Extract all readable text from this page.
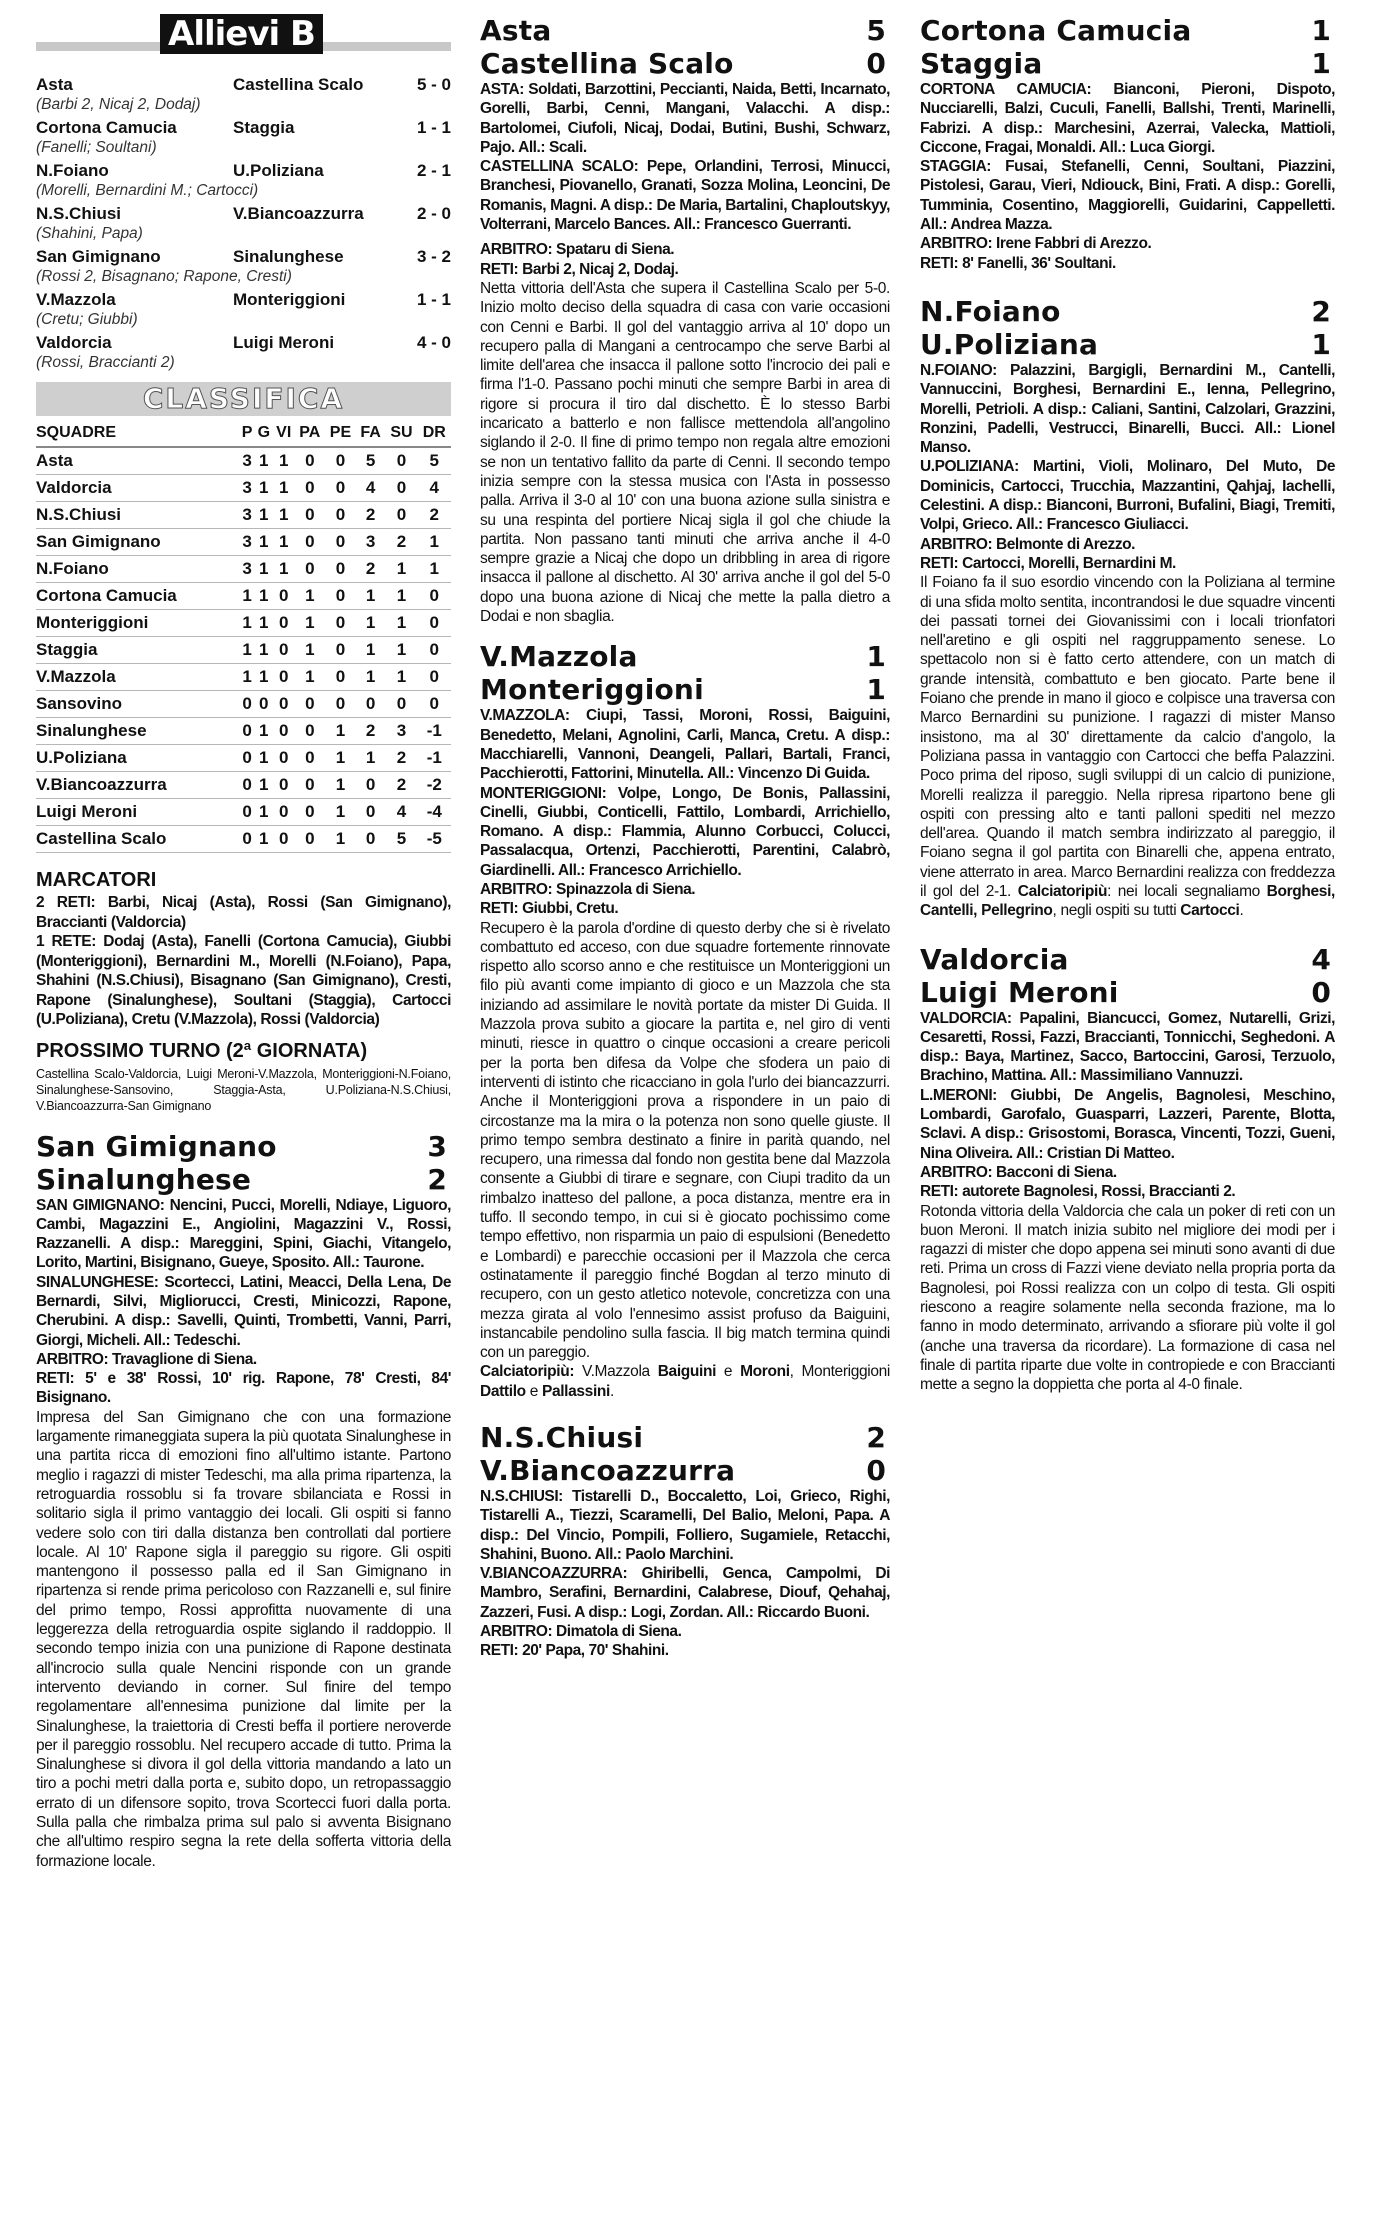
Allievi B
Asta	Castellina Scalo	5 - 0
(Barbi 2, Nicaj 2, Dodaj)
Cortona Camucia	Staggia	1 - 1
(Fanelli; Soultani)
N.Foiano	U.Poliziana	2 - 1
(Morelli, Bernardini M.; Cartocci)
N.S.Chiusi	V.Biancoazzurra	2 - 0
(Shahini, Papa)
San Gimignano	Sinalunghese	3 - 2
(Rossi 2, Bisagnano; Rapone, Cresti)
V.Mazzola	Monteriggioni	1 - 1
(Cretu; Giubbi)
Valdorcia	Luigi Meroni	4 - 0
(Rossi, Braccianti 2)
CLASSIFICA
SQUADRE	P	G	VI	PA	PE	FA	SU	DR
Asta	3	1	1	0	0	5	0	5
Valdorcia	3	1	1	0	0	4	0	4
N.S.Chiusi	3	1	1	0	0	2	0	2
San Gimignano	3	1	1	0	0	3	2	1
N.Foiano	3	1	1	0	0	2	1	1
Cortona Camucia	1	1	0	1	0	1	1	0
Monteriggioni	1	1	0	1	0	1	1	0
Staggia	1	1	0	1	0	1	1	0
V.Mazzola	1	1	0	1	0	1	1	0
Sansovino	0	0	0	0	0	0	0	0
Sinalunghese	0	1	0	0	1	2	3	-1
U.Poliziana	0	1	0	0	1	1	2	-1
V.Biancoazzurra	0	1	0	0	1	0	2	-2
Luigi Meroni	0	1	0	0	1	0	4	-4
Castellina Scalo	0	1	0	0	1	0	5	-5
MARCATORI

2 RETI: Barbi, Nicaj (Asta), Rossi (San Gimignano), Braccianti (Valdorcia)

1 RETE: Dodaj (Asta), Fanelli (Cortona Camucia), Giubbi (Monteriggioni), Bernardini M., Morelli (N.Foiano), Papa, Shahini (N.S.Chiusi), Bisagnano (San Gimignano), Cresti, Rapone (Sinalunghese), Soultani (Staggia), Cartocci (U.Poliziana), Cretu (V.Mazzola), Rossi (Valdorcia)

PROSSIMO TURNO (2ª GIORNATA)

Castellina Scalo-Valdorcia, Luigi Meroni-V.Mazzola, Monteriggioni-N.Foiano, Sinalunghese-Sansovino, Staggia-Asta, U.Poliziana-N.S.Chiusi, V.Biancoazzurra-San Gimignano

San Gimignano	3
Sinalunghese	2

SAN GIMIGNANO: Nencini, Pucci, Morelli, Ndiaye, Liguoro, Cambi, Magazzini E., Angiolini, Magazzini V., Rossi, Razzanelli. A disp.: Mareggini, Spini, Giachi, Vitangelo, Lorito, Martini, Bisignano, Gueye, Sposito. All.: Taurone.

SINALUNGHESE: Scortecci, Latini, Meacci, Della Lena, De Bernardi, Silvi, Migliorucci, Cresti, Minicozzi, Rapone, Cherubini. A disp.: Savelli, Quinti, Trombetti, Vanni, Parri, Giorgi, Micheli. All.: Tedeschi.

ARBITRO: Travaglione di Siena.

RETI: 5' e 38' Rossi, 10' rig. Rapone, 78' Cresti, 84' Bisignano.

Impresa del San Gimignano che con una formazione largamente rimaneggiata supera la più quotata Sinalunghese in una partita ricca di emozioni fino all'ultimo istante. Partono meglio i ragazzi di mister Tedeschi, ma alla prima ripartenza, la retroguardia rossoblu si fa trovare sbilanciata e Rossi in solitario sigla il primo vantaggio dei locali. Gli ospiti si fanno vedere solo con tiri dalla distanza ben controllati dal portiere locale. Al 10' Rapone sigla il pareggio su rigore. Gli ospiti mantengono il possesso palla ed il San Gimignano in ripartenza si rende prima pericoloso con Razzanelli e, sul finire del primo tempo, Rossi approfitta nuovamente di una leggerezza della retroguardia ospite siglando il raddoppio. Il secondo tempo inizia con una punizione di Rapone destinata all'incrocio sulla quale Nencini risponde con un grande intervento deviando in corner. Sul finire del tempo regolamentare all'ennesima punizione dal limite per la Sinalunghese, la traiettoria di Cresti beffa il portiere neroverde per il pareggio rossoblu. Nel recupero accade di tutto. Prima la Sinalunghese si divora il gol della vittoria mandando a lato un tiro a pochi metri dalla porta e, subito dopo, un retropassaggio errato di un difensore sopito, trova Scortecci fuori dalla porta. Sulla palla che rimbalza prima sul palo si avventa Bisignano che all'ultimo respiro segna la rete della sofferta vittoria della formazione locale.

Asta	5
Castellina Scalo	0

ASTA: Soldati, Barzottini, Peccianti, Naida, Betti, Incarnato, Gorelli, Barbi, Cenni, Mangani, Valacchi. A disp.: Bartolomei, Ciufoli, Nicaj, Dodai, Butini, Bushi, Schwarz, Pajo. All.: Scali.

CASTELLINA SCALO: Pepe, Orlandini, Terrosi, Minucci, Branchesi, Piovanello, Granati, Sozza Molina, Leoncini, De Romanis, Magni. A disp.: De Maria, Bartalini, Chaploutskyy, Volterrani, Marcelo Bances. All.: Francesco Guerranti.

ARBITRO: Spataru di Siena.

RETI: Barbi 2, Nicaj 2, Dodaj.

Netta vittoria dell'Asta che supera il Castellina Scalo per 5-0. Inizio molto deciso della squadra di casa con varie occasioni con Cenni e Barbi. Il gol del vantaggio arriva al 10' dopo un recupero palla di Mangani a centrocampo che serve Barbi al limite dell'area che insacca il pallone sotto l'incrocio dei pali e firma l'1-0. Passano pochi minuti che sempre Barbi in area di rigore si procura il tiro dal dischetto. È lo stesso Barbi incaricato a batterlo e non fallisce mettendola all'angolino siglando il 2-0. Il fine di primo tempo non regala altre emozioni se non un tentativo fallito da parte di Cenni. Il secondo tempo inizia sempre con la stessa musica con l'Asta in possesso palla. Arriva il 3-0 al 10' con una buona azione sulla sinistra e su una respinta del portiere Nicaj sigla il gol che chiude la partita. Non passano tanti minuti che arriva anche il 4-0 sempre grazie a Nicaj che dopo un dribbling in area di rigore insacca il pallone al dischetto. Al 30' arriva anche il gol del 5-0 dopo una buona azione di Nicaj che mette la palla dietro a Dodai e non sbaglia.

V.Mazzola	1
Monteriggioni	1

V.MAZZOLA: Ciupi, Tassi, Moroni, Rossi, Baiguini, Benedetto, Melani, Agnolini, Carli, Manca, Cretu. A disp.: Macchiarelli, Vannoni, Deangeli, Pallari, Bartali, Franci, Pacchierotti, Fattorini, Minutella. All.: Vincenzo Di Guida.

MONTERIGGIONI: Volpe, Longo, De Bonis, Pallassini, Cinelli, Giubbi, Conticelli, Fattilo, Lombardi, Arrichiello, Romano. A disp.: Flammia, Alunno Corbucci, Colucci, Passalacqua, Ortenzi, Pacchierotti, Parentini, Calabrò, Giardinelli. All.: Francesco Arrichiello.

ARBITRO: Spinazzola di Siena.

RETI: Giubbi, Cretu.

Recupero è la parola d'ordine di questo derby che si è rivelato combattuto ed acceso, con due squadre fortemente rinnovate rispetto allo scorso anno e che restituisce un Monteriggioni un filo più avanti come impianto di gioco e un Mazzola che sta iniziando ad assimilare le novità portate da mister Di Guida. Il Mazzola prova subito a giocare la partita e, nel giro di venti minuti, riesce in quattro o cinque occasioni a creare pericoli per la porta ben difesa da Volpe che sfodera un paio di interventi di istinto che ricacciano in gola l'urlo dei biancazzurri. Anche il Monteriggioni prova a rispondere in un paio di circostanze ma la mira o la potenza non sono quelle giuste. Il primo tempo sembra destinato a finire in parità quando, nel recupero, una rimessa dal fondo non gestita bene dal Mazzola consente a Giubbi di tirare e segnare, con Ciupi tradito da un rimbalzo inatteso del pallone, a poca distanza, mentre era in tuffo. Il secondo tempo, in cui si è giocato pochissimo come tempo effettivo, non risparmia un paio di espulsioni (Benedetto e Lombardi) e parecchie occasioni per il Mazzola che cerca ostinatamente il pareggio finché Bogdan al terzo minuto di recupero, con un gesto atletico notevole, concretizza con una mezza girata al volo l'ennesimo assist profuso da Baiguini, instancabile pendolino sulla fascia. Il big match termina quindi con un pareggio.

Calciatoripiù: V.Mazzola Baiguini e Moroni, Monteriggioni Dattilo e Pallassini.

N.S.Chiusi	2
V.Biancoazzurra	0

N.S.CHIUSI: Tistarelli D., Boccaletto, Loi, Grieco, Righi, Tistarelli A., Tiezzi, Scaramelli, Del Balio, Meloni, Papa. A disp.: Del Vincio, Pompili, Folliero, Sugamiele, Retacchi, Shahini, Buono. All.: Paolo Marchini.

V.BIANCOAZZURRA: Ghiribelli, Genca, Campolmi, Di Mambro, Serafini, Bernardini, Calabrese, Diouf, Qehahaj, Zazzeri, Fusi. A disp.: Logi, Zordan. All.: Riccardo Buoni.

ARBITRO: Dimatola di Siena.

RETI: 20' Papa, 70' Shahini.

Cortona Camucia	1
Staggia	1

CORTONA CAMUCIA: Bianconi, Pieroni, Dispoto, Nucciarelli, Balzi, Cuculi, Fanelli, Ballshi, Trenti, Marinelli, Fabrizi. A disp.: Marchesini, Azerrai, Valecka, Mattioli, Ciccone, Fragai, Monaldi. All.: Luca Giorgi.

STAGGIA: Fusai, Stefanelli, Cenni, Soultani, Piazzini, Pistolesi, Garau, Vieri, Ndiouck, Bini, Frati. A disp.: Gorelli, Tumminia, Cosentino, Maggiorelli, Guidarini, Cappelletti. All.: Andrea Mazza.

ARBITRO: Irene Fabbri di Arezzo.

RETI: 8' Fanelli, 36' Soultani.

N.Foiano	2
U.Poliziana	1

N.FOIANO: Palazzini, Bargigli, Bernardini M., Cantelli, Vannuccini, Borghesi, Bernardini E., Ienna, Pellegrino, Morelli, Petrioli. A disp.: Caliani, Santini, Calzolari, Grazzini, Ronzini, Padelli, Vestrucci, Binarelli, Bucci. All.: Lionel Manso.

U.POLIZIANA: Martini, Violi, Molinaro, Del Muto, De Dominicis, Cartocci, Trucchia, Mazzantini, Qahjaj, Iachelli, Celestini. A disp.: Bianconi, Burroni, Bufalini, Biagi, Tremiti, Volpi, Grieco. All.: Francesco Giuliacci.

ARBITRO: Belmonte di Arezzo.

RETI: Cartocci, Morelli, Bernardini M.

Il Foiano fa il suo esordio vincendo con la Poliziana al termine di una sfida molto sentita, incontrandosi le due squadre vincenti dei passati tornei dei Giovanissimi con i locali trionfatori nell'aretino e gli ospiti nel raggruppamento senese. Lo spettacolo non si è fatto certo attendere, con un match di grande intensità, combattuto e ben giocato. Parte bene il Foiano che prende in mano il gioco e colpisce una traversa con Marco Bernardini su punizione. I ragazzi di mister Manso insistono, ma al 30' direttamente da calcio d'angolo, la Poliziana passa in vantaggio con Cartocci che beffa Palazzini. Poco prima del riposo, sugli sviluppi di un calcio di punizione, Morelli realizza il pareggio. Nella ripresa ripartono bene gli ospiti con pressing alto e tanti palloni spediti nel mezzo dell'area. Quando il match sembra indirizzato al pareggio, il Foiano segna il gol partita con Binarelli che, appena entrato, viene atterrato in area. Marco Bernardini realizza con freddezza il gol del 2-1. Calciatoripiù: nei locali segnaliamo Borghesi, Cantelli, Pellegrino, negli ospiti su tutti Cartocci.

Valdorcia	4
Luigi Meroni	0

VALDORCIA: Papalini, Biancucci, Gomez, Nutarelli, Grizi, Cesaretti, Rossi, Fazzi, Braccianti, Tonnicchi, Seghedoni. A disp.: Baya, Martinez, Sacco, Bartoccini, Garosi, Terzuolo, Brachino, Mattina. All.: Massimiliano Vannuzzi.

L.MERONI: Giubbi, De Angelis, Bagnolesi, Meschino, Lombardi, Garofalo, Guasparri, Lazzeri, Parente, Blotta, Sclavi. A disp.: Grisostomi, Borasca, Vincenti, Tozzi, Gueni, Nina Oliveira. All.: Cristian Di Matteo.

ARBITRO: Bacconi di Siena.

RETI: autorete Bagnolesi, Rossi, Braccianti 2.

Rotonda vittoria della Valdorcia che cala un poker di reti con un buon Meroni. Il match inizia subito nel migliore dei modi per i ragazzi di mister che dopo appena sei minuti sono avanti di due reti. Prima un cross di Fazzi viene deviato nella propria porta da Bagnolesi, poi Rossi realizza con un colpo di testa. Gli ospiti riescono a reagire solamente nella seconda frazione, ma lo fanno in modo determinato, arrivando a sfiorare più volte il gol (anche una traversa da ricordare). La formazione di casa nel finale di partita riparte due volte in contropiede e con Braccianti mette a segno la doppietta che porta al 4-0 finale.
